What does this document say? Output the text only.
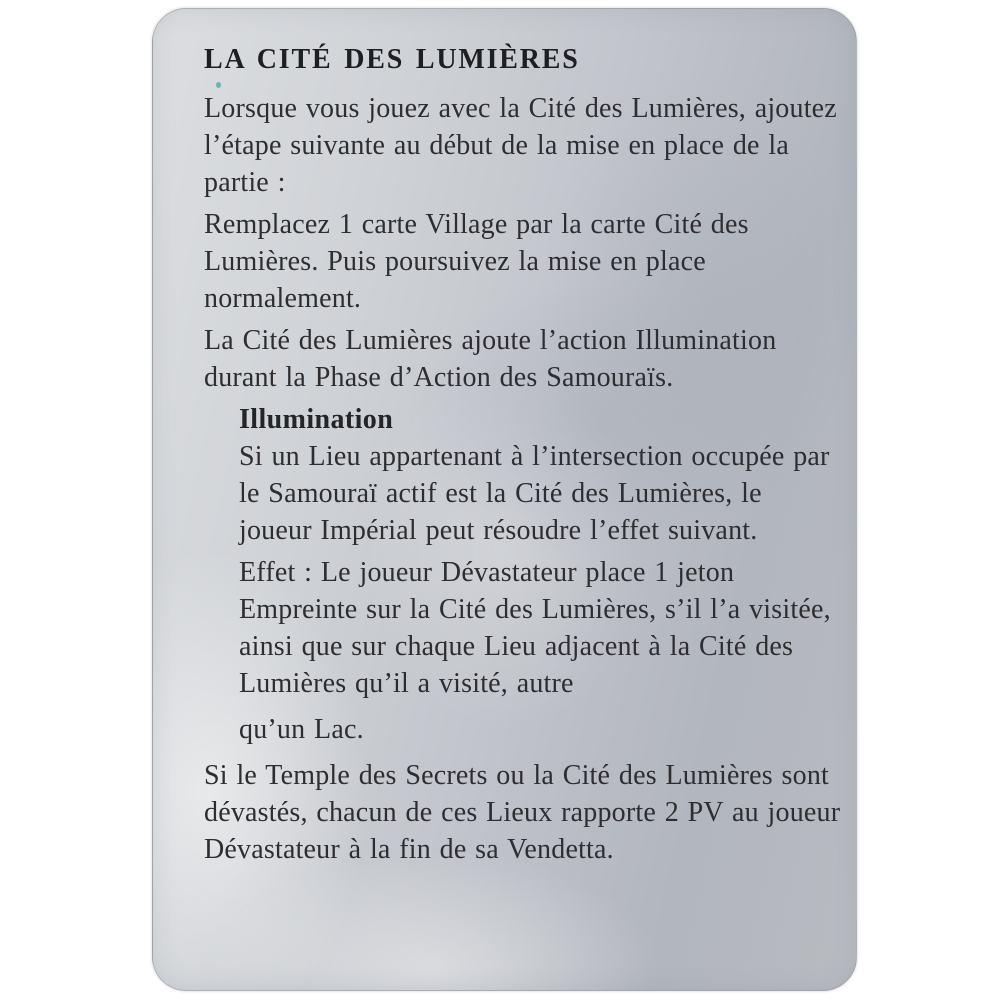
LA CITÉ DES LUMIÈRES

Lorsque vous jouez avec la Cité des Lumières, ajoutez l’étape suivante au début de la mise en place de la partie :

Remplacez 1 carte Village par la carte Cité des Lumières. Puis poursuivez la mise en place normalement.

La Cité des Lumières ajoute l’action Illumination durant la Phase d’Action des Samouraïs.

Illumination

Si un Lieu appartenant à l’intersection occupée par le Samouraï actif est la Cité des Lumières, le joueur Impérial peut résoudre l’effet suivant.

Effet : Le joueur Dévastateur place 1 jeton Empreinte sur la Cité des Lumières, s’il l’a visitée, ainsi que sur chaque Lieu adjacent à la Cité des Lumières qu’il a visité, autre

qu’un Lac.

Si le Temple des Secrets ou la Cité des Lumières sont dévastés, chacun de ces Lieux rapporte 2 PV au joueur Dévastateur à la fin de sa Vendetta.
